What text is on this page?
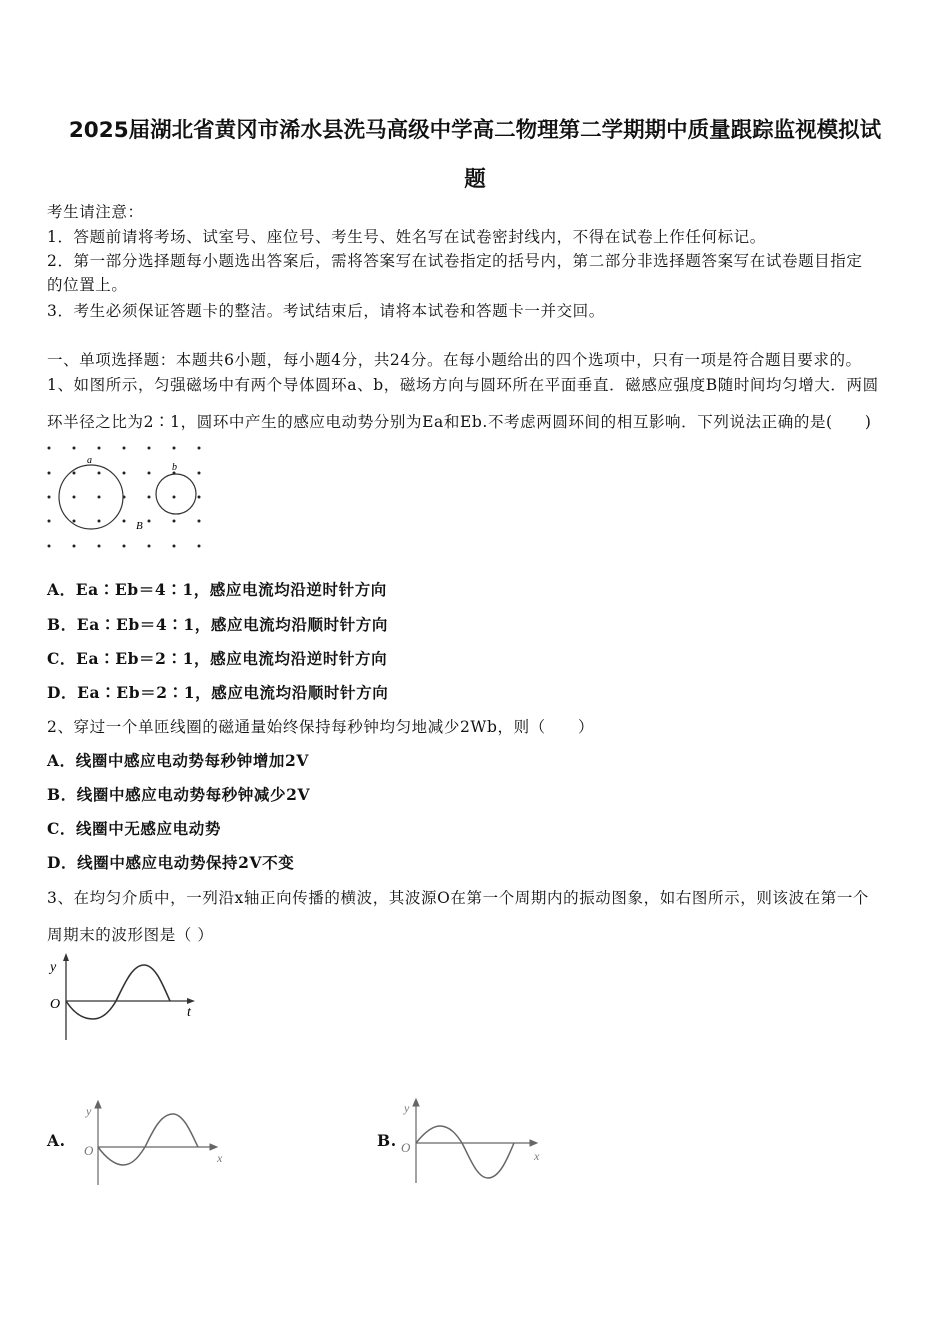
2025届湖北省黄冈市浠水县洗马高级中学高二物理第二学期期中质量跟踪监视模拟试
题
考生请注意：
1．答题前请将考场、试室号、座位号、考生号、姓名写在试卷密封线内，不得在试卷上作任何标记。
2．第一部分选择题每小题选出答案后，需将答案写在试卷指定的括号内，第二部分非选择题答案写在试卷题目指定
的位置上。
3．考生必须保证答题卡的整洁。考试结束后，请将本试卷和答题卡一并交回。
一、单项选择题：本题共6小题，每小题4分，共24分。在每小题给出的四个选项中，只有一项是符合题目要求的。
1、如图所示，匀强磁场中有两个导体圆环a、b，磁场方向与圆环所在平面垂直．磁感应强度B随时间均匀增大．两圆
环半径之比为2∶1，圆环中产生的感应电动势分别为Ea和Eb.不考虑两圆环间的相互影响．下列说法正确的是(　　)
A．Ea∶Eb＝4∶1，感应电流均沿逆时针方向
B．Ea∶Eb＝4∶1，感应电流均沿顺时针方向
C．Ea∶Eb＝2∶1，感应电流均沿逆时针方向
D．Ea∶Eb＝2∶1，感应电流均沿顺时针方向
2、穿过一个单匝线圈的磁通量始终保持每秒钟均匀地减少2Wb，则（　　）
A．线圈中感应电动势每秒钟增加2V
B．线圈中感应电动势每秒钟减少2V
C．线圈中无感应电动势
D．线圈中感应电动势保持2V不变
3、在均匀介质中，一列沿x轴正向传播的横波，其波源O在第一个周期内的振动图象，如右图所示，则该波在第一个
周期末的波形图是（ ）
A.	B.
a
b
B
y
O
t
y
O	x
y
O
x
